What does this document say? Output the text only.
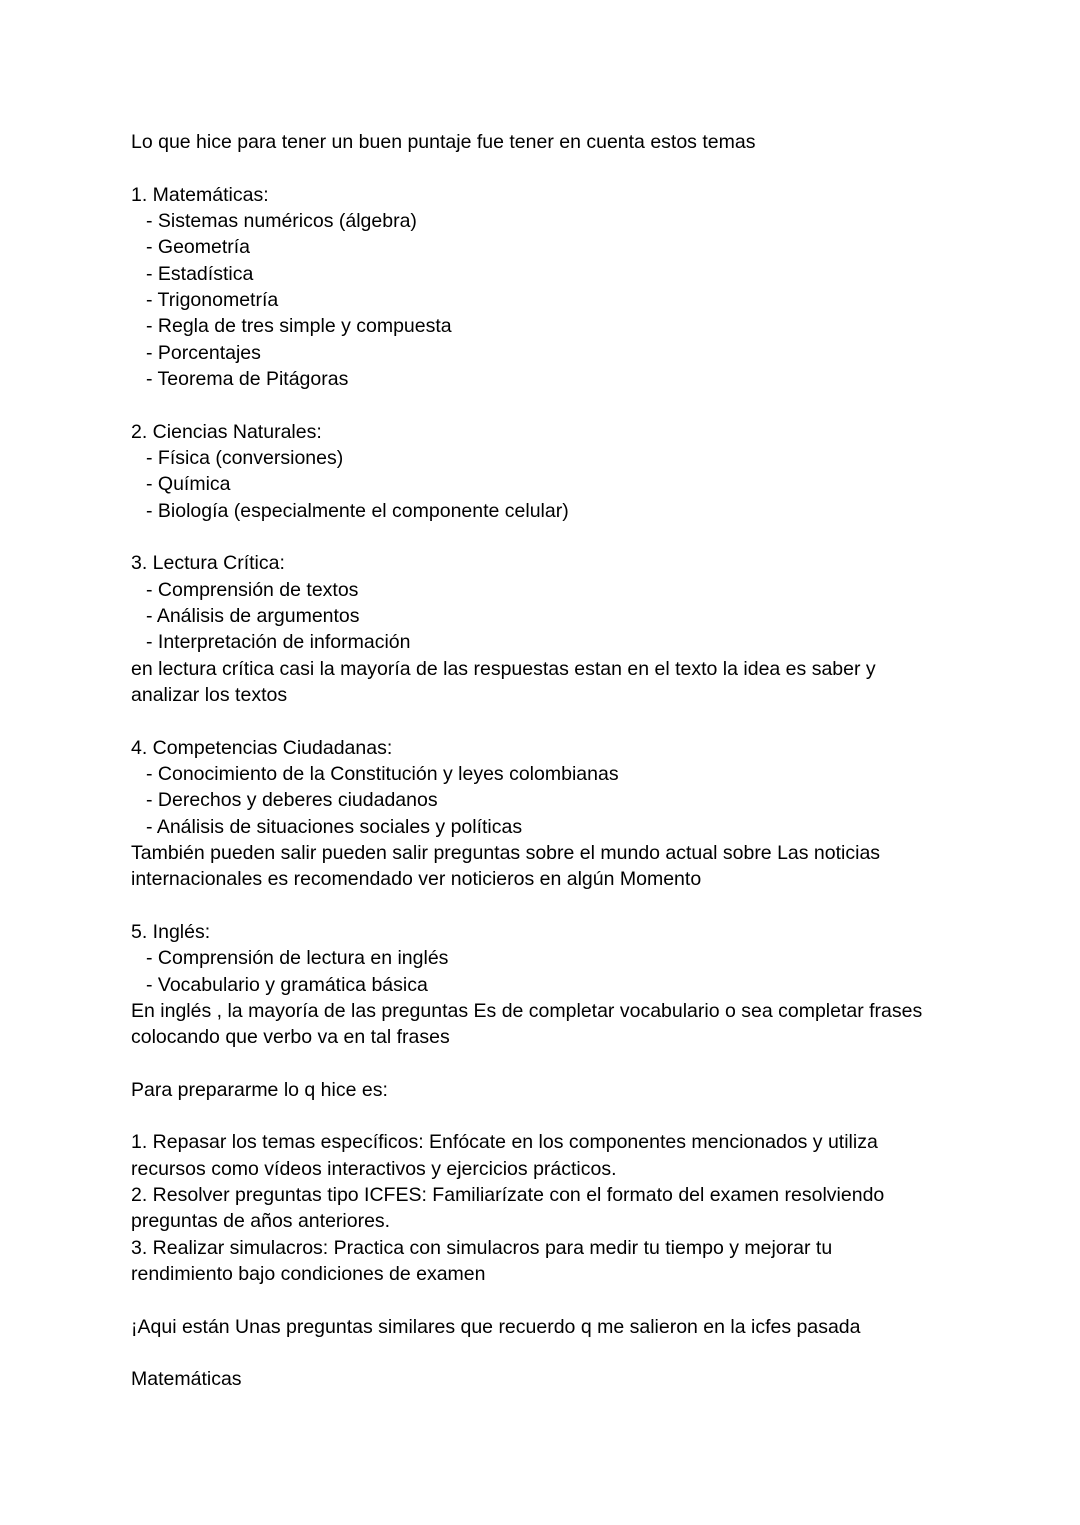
Lo que hice para tener un buen puntaje fue tener en cuenta estos temas
1. Matemáticas:
- Sistemas numéricos (álgebra)
- Geometría
- Estadística
- Trigonometría
- Regla de tres simple y compuesta
- Porcentajes
- Teorema de Pitágoras
2. Ciencias Naturales:
- Física (conversiones)
- Química
- Biología (especialmente el componente celular)
3. Lectura Crítica:
- Comprensión de textos
- Análisis de argumentos
- Interpretación de información
en lectura crítica casi la mayoría de las respuestas estan en el texto la idea es saber y
analizar los textos
4. Competencias Ciudadanas:
- Conocimiento de la Constitución y leyes colombianas
- Derechos y deberes ciudadanos
- Análisis de situaciones sociales y políticas
También pueden salir pueden salir preguntas sobre el mundo actual sobre Las noticias
internacionales es recomendado ver noticieros en algún Momento
5. Inglés:
- Comprensión de lectura en inglés
- Vocabulario y gramática básica
En inglés , la mayoría de las preguntas Es de completar vocabulario o sea completar frases
colocando que verbo va en tal frases
Para prepararme lo q hice es:
1. Repasar los temas específicos: Enfócate en los componentes mencionados y utiliza
recursos como vídeos interactivos y ejercicios prácticos.
2. Resolver preguntas tipo ICFES: Familiarízate con el formato del examen resolviendo
preguntas de años anteriores.
3. Realizar simulacros: Practica con simulacros para medir tu tiempo y mejorar tu
rendimiento bajo condiciones de examen
¡Aqui están Unas preguntas similares que recuerdo q me salieron en la icfes pasada
Matemáticas
